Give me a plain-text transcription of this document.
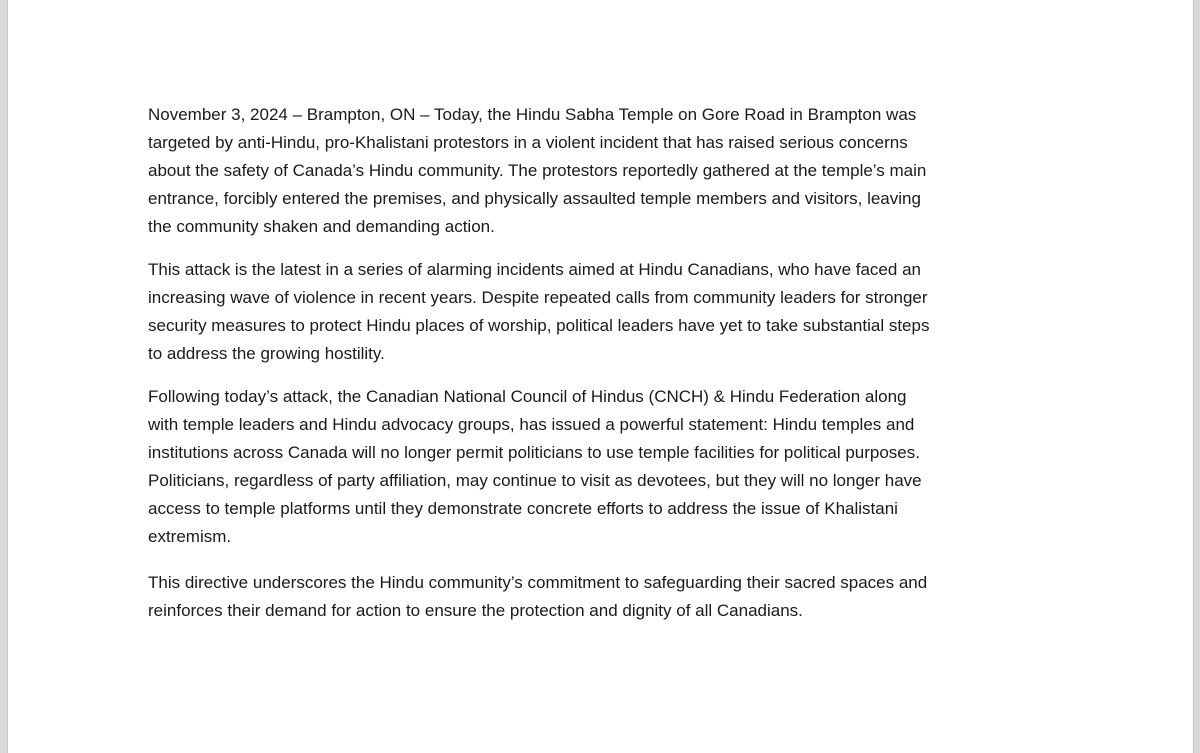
November 3, 2024 – Brampton, ON – Today, the Hindu Sabha Temple on Gore Road in Brampton was
targeted by anti-Hindu, pro-Khalistani protestors in a violent incident that has raised serious concerns
about the safety of Canada’s Hindu community. The protestors reportedly gathered at the temple’s main
entrance, forcibly entered the premises, and physically assaulted temple members and visitors, leaving
the community shaken and demanding action.

This attack is the latest in a series of alarming incidents aimed at Hindu Canadians, who have faced an
increasing wave of violence in recent years. Despite repeated calls from community leaders for stronger
security measures to protect Hindu places of worship, political leaders have yet to take substantial steps
to address the growing hostility.

Following today’s attack, the Canadian National Council of Hindus (CNCH) & Hindu Federation along
with temple leaders and Hindu advocacy groups, has issued a powerful statement: Hindu temples and
institutions across Canada will no longer permit politicians to use temple facilities for political purposes.
Politicians, regardless of party affiliation, may continue to visit as devotees, but they will no longer have
access to temple platforms until they demonstrate concrete efforts to address the issue of Khalistani
extremism.

This directive underscores the Hindu community’s commitment to safeguarding their sacred spaces and
reinforces their demand for action to ensure the protection and dignity of all Canadians.
